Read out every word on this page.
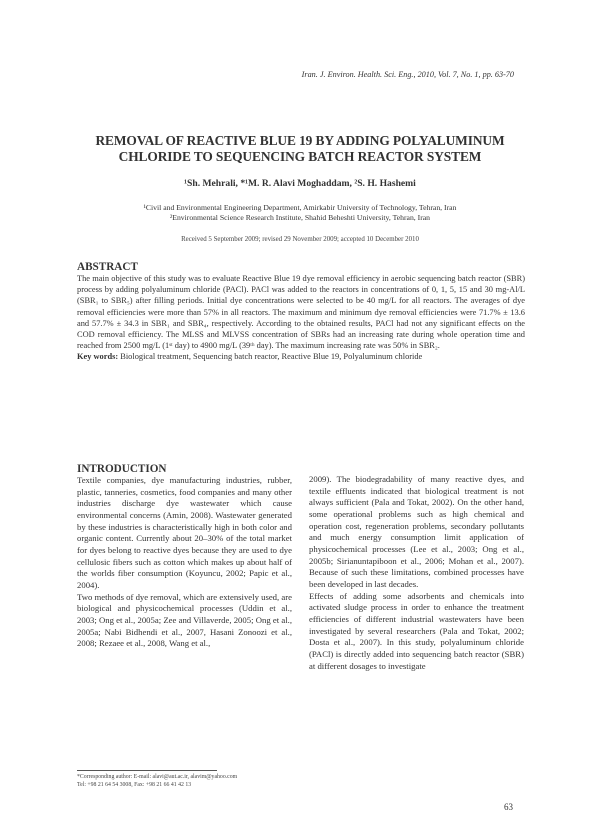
Iran. J. Environ. Health. Sci. Eng., 2010, Vol. 7, No. 1, pp. 63-70
REMOVAL OF REACTIVE BLUE 19 BY ADDING POLYALUMINUM CHLORIDE TO SEQUENCING BATCH REACTOR SYSTEM
¹Sh. Mehrali, *¹M. R. Alavi Moghaddam, ²S. H. Hashemi
¹Civil and Environmental Engineering Department, Amirkabir University of Technology, Tehran, Iran
²Environmental Science Research Institute, Shahid Beheshti University, Tehran, Iran
Received 5 September 2009; revised 29 November 2009; accepted 10 December 2010
ABSTRACT
The main objective of this study was to evaluate Reactive Blue 19 dye removal efficiency in aerobic sequencing batch reactor (SBR) process by adding polyaluminum chloride (PACl). PACl was added to the reactors in concentrations of 0, 1, 5, 15 and 30 mg-Al/L (SBR₁ to SBR₅) after filling periods. Initial dye concentrations were selected to be 40 mg/L for all reactors. The averages of dye removal efficiencies were more than 57% in all reactors. The maximum and minimum dye removal efficiencies were 71.7% ± 13.6 and 57.7% ± 34.3 in SBR₁ and SBR₄, respectively. According to the obtained results, PACl had not any significant effects on the COD removal efficiency. The MLSS and MLVSS concentration of SBRs had an increasing rate during whole operation time and reached from 2500 mg/L (1ˢᵗ day) to 4900 mg/L (39ᵗʰ day). The maximum increasing rate was 50% in SBR₂.
Key words: Biological treatment, Sequencing batch reactor, Reactive Blue 19, Polyaluminum chloride
INTRODUCTION

Textile companies, dye manufacturing industries, rubber, plastic, tanneries, cosmetics, food companies and many other industries discharge dye wastewater which cause environmental concerns (Amin, 2008). Wastewater generated by these industries is characteristically high in both color and organic content. Currently about 20–30% of the total market for dyes belong to reactive dyes because they are used to dye cellulosic fibers such as cotton which makes up about half of the worlds fiber consumption (Koyuncu, 2002; Papic et al., 2004).

Two methods of dye removal, which are extensively used, are biological and physicochemical processes (Uddin et al., 2003; Ong et al., 2005a; Zee and Villaverde, 2005; Ong et al., 2005a; Nabi Bidhendi et al., 2007, Hasani Zonoozi et al., 2008; Rezaee et al., 2008, Wang et al.,

2009). The biodegradability of many reactive dyes, and textile effluents indicated that biological treatment is not always sufficient (Pala and Tokat, 2002). On the other hand, some operational problems such as high chemical and operation cost, regeneration problems, secondary pollutants and much energy consumption limit application of physicochemical processes (Lee et al., 2003; Ong et al., 2005b; Sirianuntapiboon et al., 2006; Mohan et al., 2007). Because of such these limitations, combined processes have been developed in last decades.

Effects of adding some adsorbents and chemicals into activated sludge process in order to enhance the treatment efficiencies of different industrial wastewaters have been investigated by several researchers (Pala and Tokat, 2002; Dosta et al., 2007). In this study, polyaluminum chloride (PACl) is directly added into sequencing batch reactor (SBR) at different dosages to investigate

*Corresponding author: E-mail: alavi@aut.ac.ir, alavim@yahoo.com
Tel: +98 21 64 54 3008, Fax: +98 21 66 41 42 13
63
